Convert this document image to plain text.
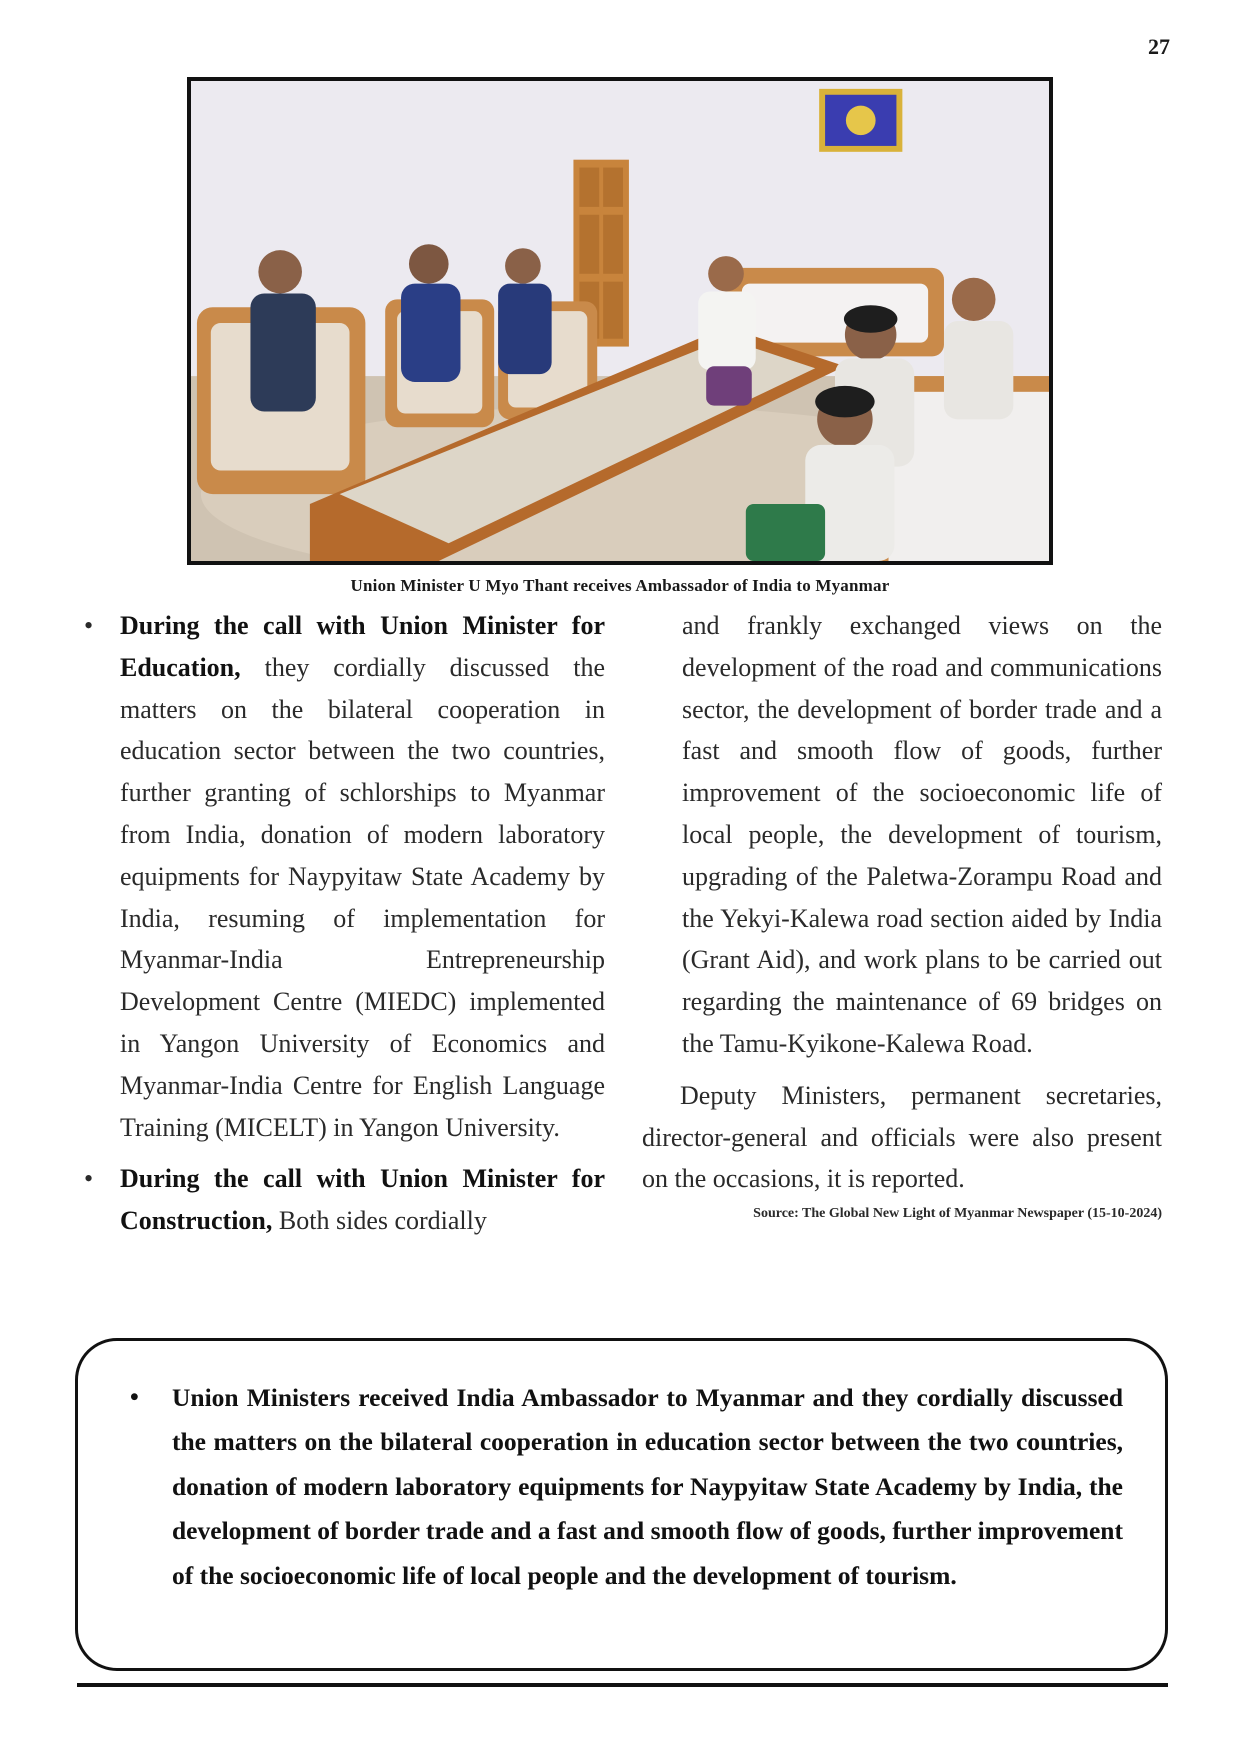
27
Union Minister U Myo Thant receives Ambassador of India to Myanmar
• During the call with Union Minister for Education, they cordially discussed the matters on the bilateral cooperation in education sector between the two countries, further granting of schlorships to Myanmar from India, donation of modern laboratory equipments for Naypyitaw State Academy by India, resuming of implementation for Myanmar-India Entrepreneurship Development Centre (MIEDC) implemented in Yangon University of Economics and Myanmar-India Centre for English Language Training (MICELT) in Yangon University.
• During the call with Union Minister for Construction, Both sides cordially

and frankly exchanged views on the development of the road and communications sector, the development of border trade and a fast and smooth flow of goods, further improvement of the socioeconomic life of local people, the development of tourism, upgrading of the Paletwa-Zorampu Road and the Yekyi-Kalewa road section aided by India (Grant Aid), and work plans to be carried out regarding the maintenance of 69 bridges on the Tamu-Kyikone-Kalewa Road.

Deputy Ministers, permanent secretaries, director-general and officials were also present on the occasions, it is reported.

Source: The Global New Light of Myanmar Newspaper (15-10-2024)
• Union Ministers received India Ambassador to Myanmar and they cordially discussed the matters on the bilateral cooperation in education sector between the two countries, donation of modern laboratory equipments for Naypyitaw State Academy by India, the development of border trade and a fast and smooth flow of goods, further improvement of the socioeconomic life of local people and the development of tourism.
